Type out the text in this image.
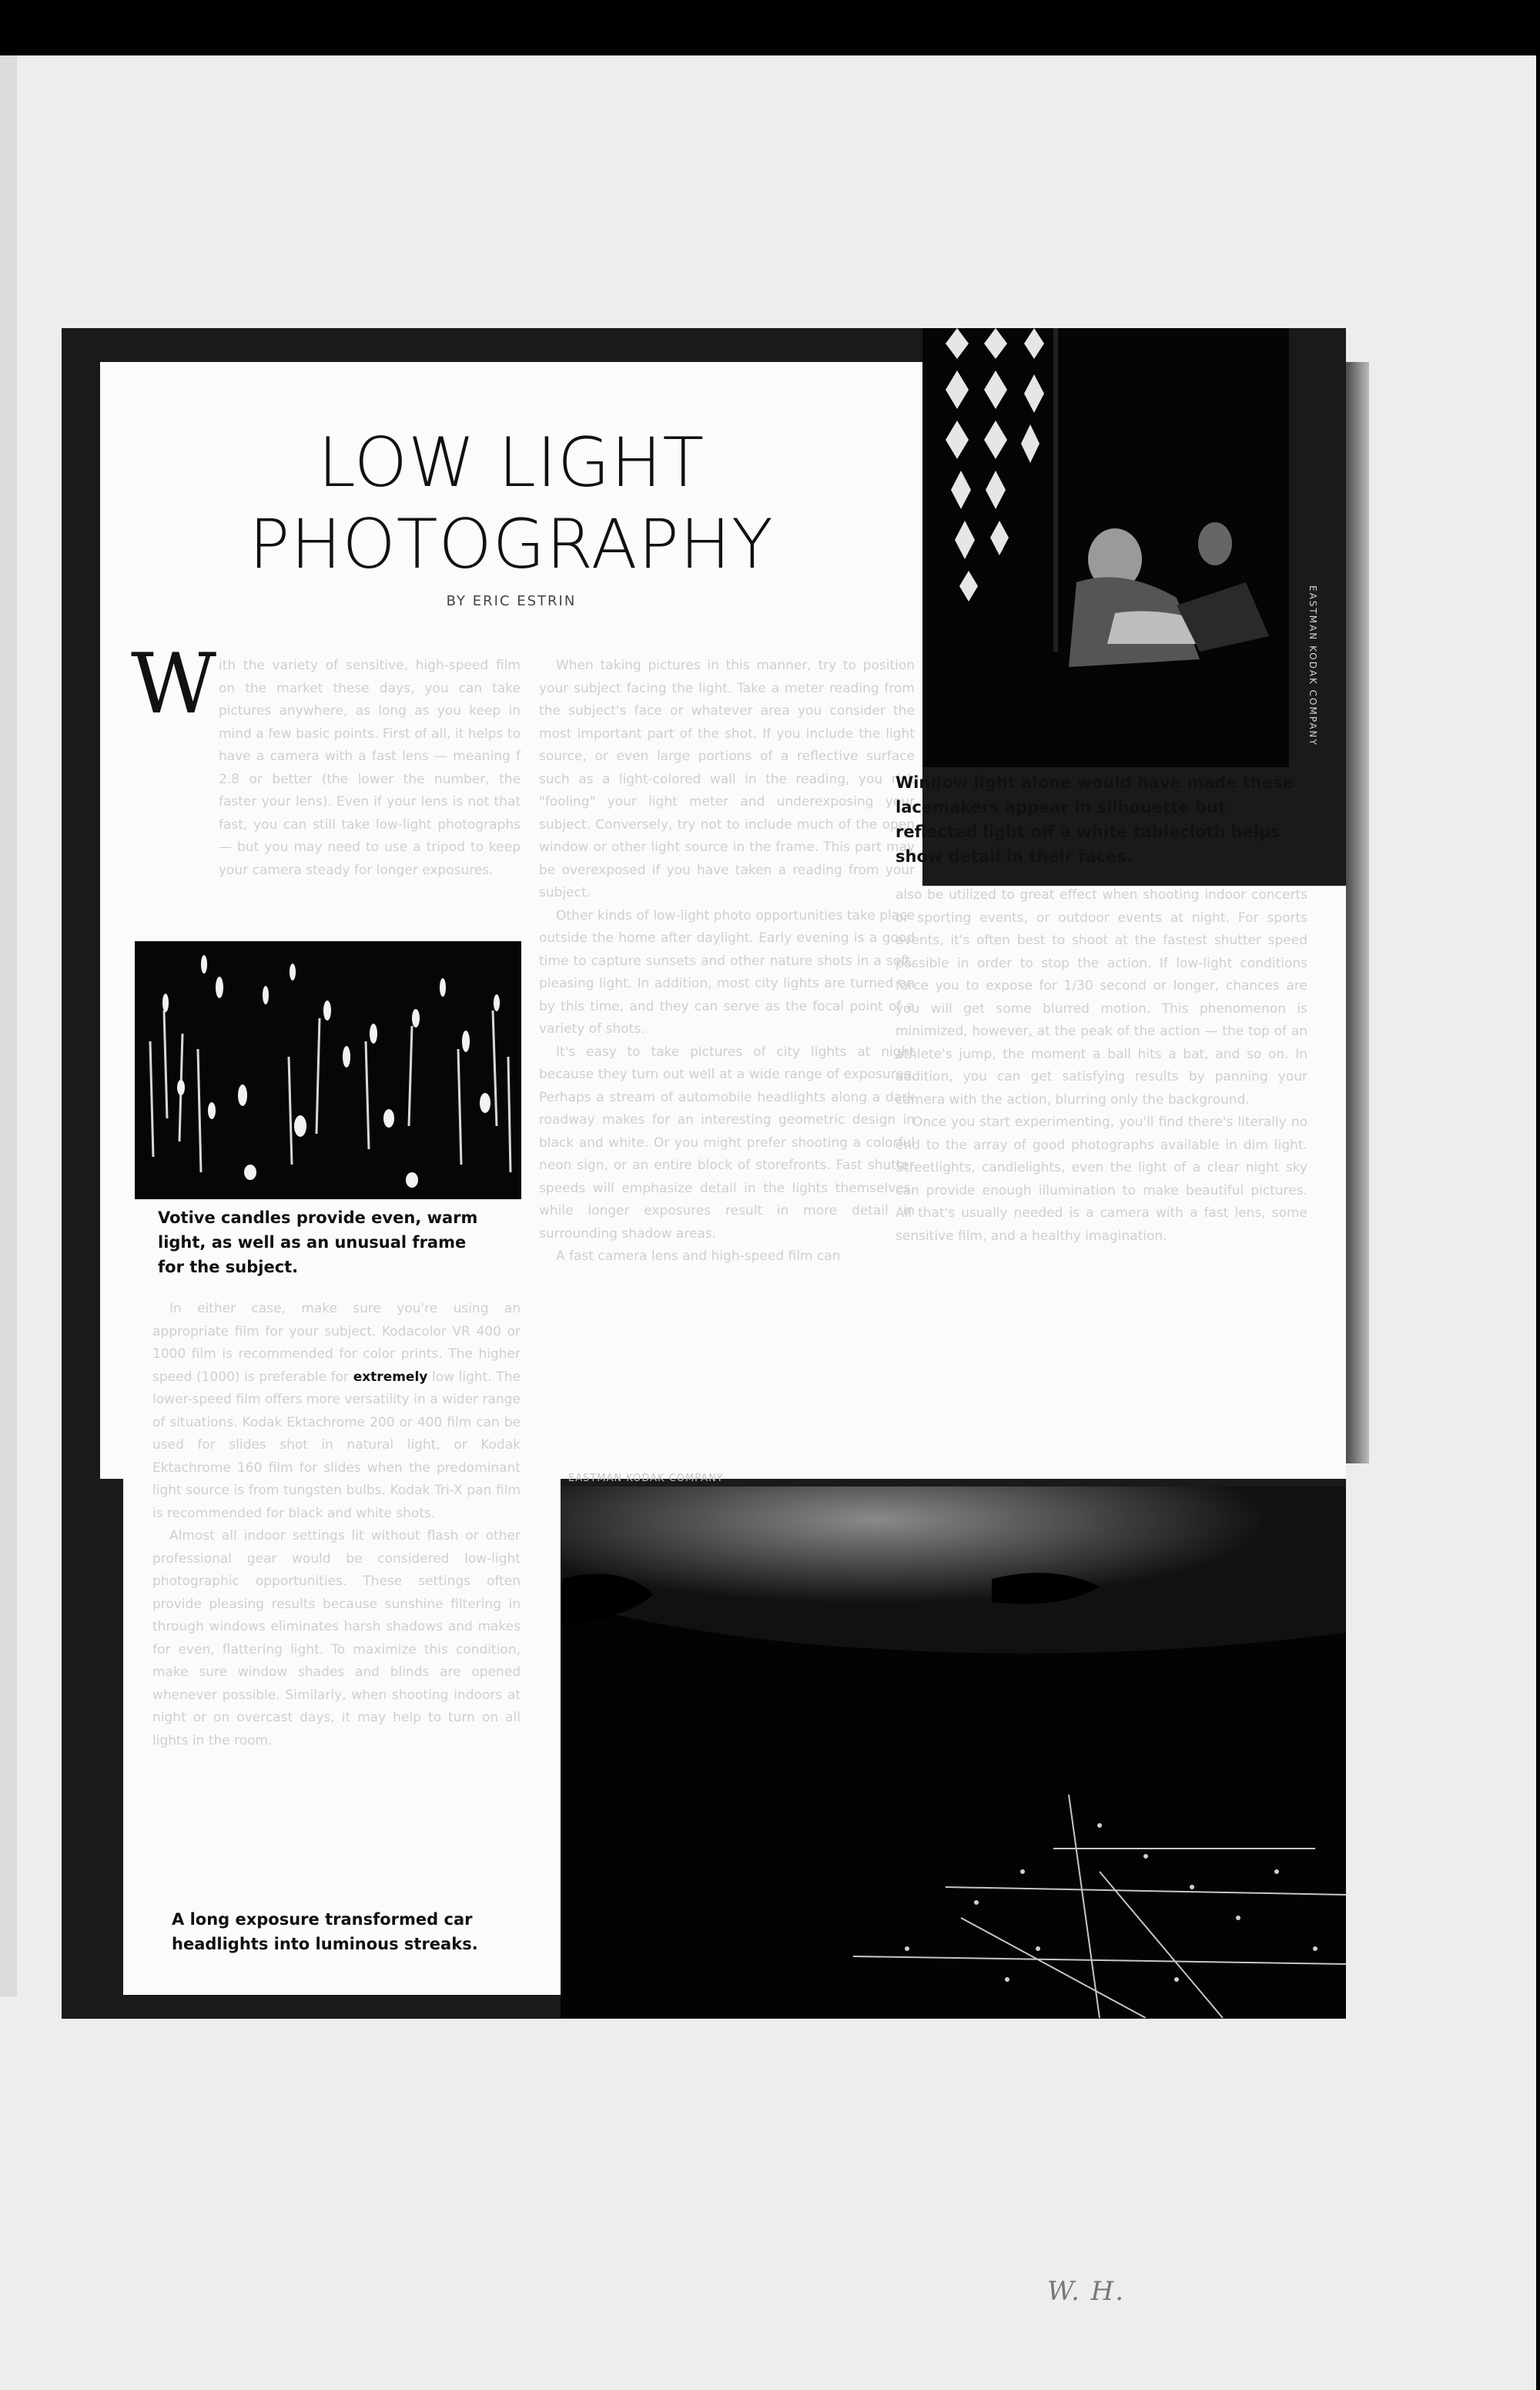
LOW LIGHT
PHOTOGRAPHY
BY ERIC ESTRIN
W ith the variety of sensitive, high-speed film on the market these days, you can take pictures anywhere, as long as you keep in mind a few basic points. First of all, it helps to have a camera with a fast lens — meaning f 2.8 or better (the lower the number, the faster your lens). Even if your lens is not that fast, you can still take low-light photographs — but you may need to use a tripod to keep your camera steady for longer exposures.

In either case, make sure you're using an appropriate film for your subject. Kodacolor VR 400 or 1000 film is recommended for color prints. The higher speed (1000) is preferable for extremely low light. The lower-speed film offers more versatility in a wider range of situations. Kodak Ektachrome 200 or 400 film can be used for slides shot in natural light, or Kodak Ektachrome 160 film for slides when the predominant light source is from tungsten bulbs. Kodak Tri-X pan film is recommended for black and white shots.

Almost all indoor settings lit without flash or other professional gear would be considered low-light photographic opportunities. These settings often provide pleasing results because sunshine filtering in through windows eliminates harsh shadows and makes for even, flattering light. To maximize this condition, make sure window shades and blinds are opened whenever possible. Similarly, when shooting indoors at night or on overcast days, it may help to turn on all lights in the room.

When taking pictures in this manner, try to position your subject facing the light. Take a meter reading from the subject's face or whatever area you consider the most important part of the shot. If you include the light source, or even large portions of a reflective surface such as a light-colored wall in the reading, you risk "fooling" your light meter and underexposing your subject. Conversely, try not to include much of the open window or other light source in the frame. This part may be overexposed if you have taken a reading from your subject.

Other kinds of low-light photo opportunities take place outside the home after daylight. Early evening is a good time to capture sunsets and other nature shots in a soft, pleasing light. In addition, most city lights are turned on by this time, and they can serve as the focal point of a variety of shots.

It's easy to take pictures of city lights at night because they turn out well at a wide range of exposures. Perhaps a stream of automobile headlights along a dark roadway makes for an interesting geometric design in black and white. Or you might prefer shooting a colorful neon sign, or an entire block of storefronts. Fast shutter speeds will emphasize detail in the lights themselves, while longer exposures result in more detail in surrounding shadow areas.

A fast camera lens and high-speed film can

also be utilized to great effect when shooting indoor concerts or sporting events, or outdoor events at night. For sports events, it's often best to shoot at the fastest shutter speed possible in order to stop the action. If low-light conditions force you to expose for 1/30 second or longer, chances are you will get some blurred motion. This phenomenon is minimized, however, at the peak of the action — the top of an athlete's jump, the moment a ball hits a bat, and so on. In addition, you can get satisfying results by panning your camera with the action, blurring only the background.

Once you start experimenting, you'll find there's literally no end to the array of good photographs available in dim light. Streetlights, candlelights, even the light of a clear night sky can provide enough illumination to make beautiful pictures. All that's usually needed is a camera with a fast lens, some sensitive film, and a healthy imagination.

Window light alone would have made these lacemakers appear in silhouette but reflected light off a white tablecloth helps show detail in their faces.
Votive candles provide even, warm light, as well as an unusual frame for the subject.
A long exposure transformed car headlights into luminous streaks.
EASTMAN KODAK COMPANY
EASTMAN KODAK COMPANY
W. H.
